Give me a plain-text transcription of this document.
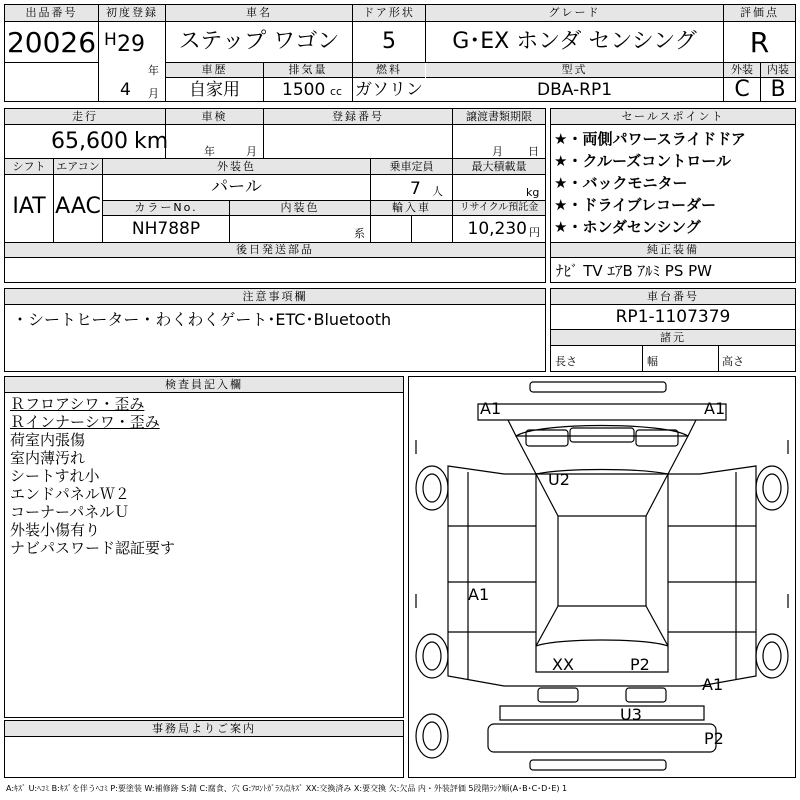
出品番号
20026
初度登録
H 29
年
4	月
車名
ステップ ワゴン
ドア形状
5
グレード
G･EX ホンダ センシング
評価点
R
車歴
自家用
排気量
1500 cc
燃料
ガソリン
型式
DBA-RP1
外装
C
内装
B
走行	車検	登録番号	譲渡書類期限
65,600 km	年	月	月 日
シフト エアコン	外装色	乗車定員	最大積載量
IAT AAC
パール	7	人	kg
カラーNo.	内装色	輸入車	リサイクル預託金
NH788P	系	10,230 円
後日発送部品
セールスポイント
★・両側パワースライドドア
★・クルーズコントロール
★・バックモニター
★・ドライブレコーダー
★・ホンダセンシング
純正装備
ﾅﾋﾞ TV ｴｱB ｱﾙﾐ PS PW
注意事項欄
・シートヒーター・わくわくゲート･ETC･Bluetooth
車台番号
RP1-1107379
諸元
長さ	幅	高さ
検査員記入欄
Ｒフロアシワ・歪み
Ｒインナーシワ・歪み
荷室内張傷
室内薄汚れ
シートすれ小
エンドパネルＷ２
コーナーパネルＵ
外装小傷有り
ナビパスワード認証要す
事務局よりご案内
A1	A1
U2
A1
XX	P2
A1
U3
P2
A:ｷｽﾞ U:ﾍｺﾐ B:ｷｽﾞを伴うﾍｺﾐ P:要塗装 W:補修跡 S:錆 C:腐食、穴 G:ﾌﾛﾝﾄｶﾞﾗｽ点ｷｽﾞ XX:交換済み X:要交換 欠:欠品 内・外装評価 5段階ﾗﾝｸ順(A･B･C･D･E) 1
